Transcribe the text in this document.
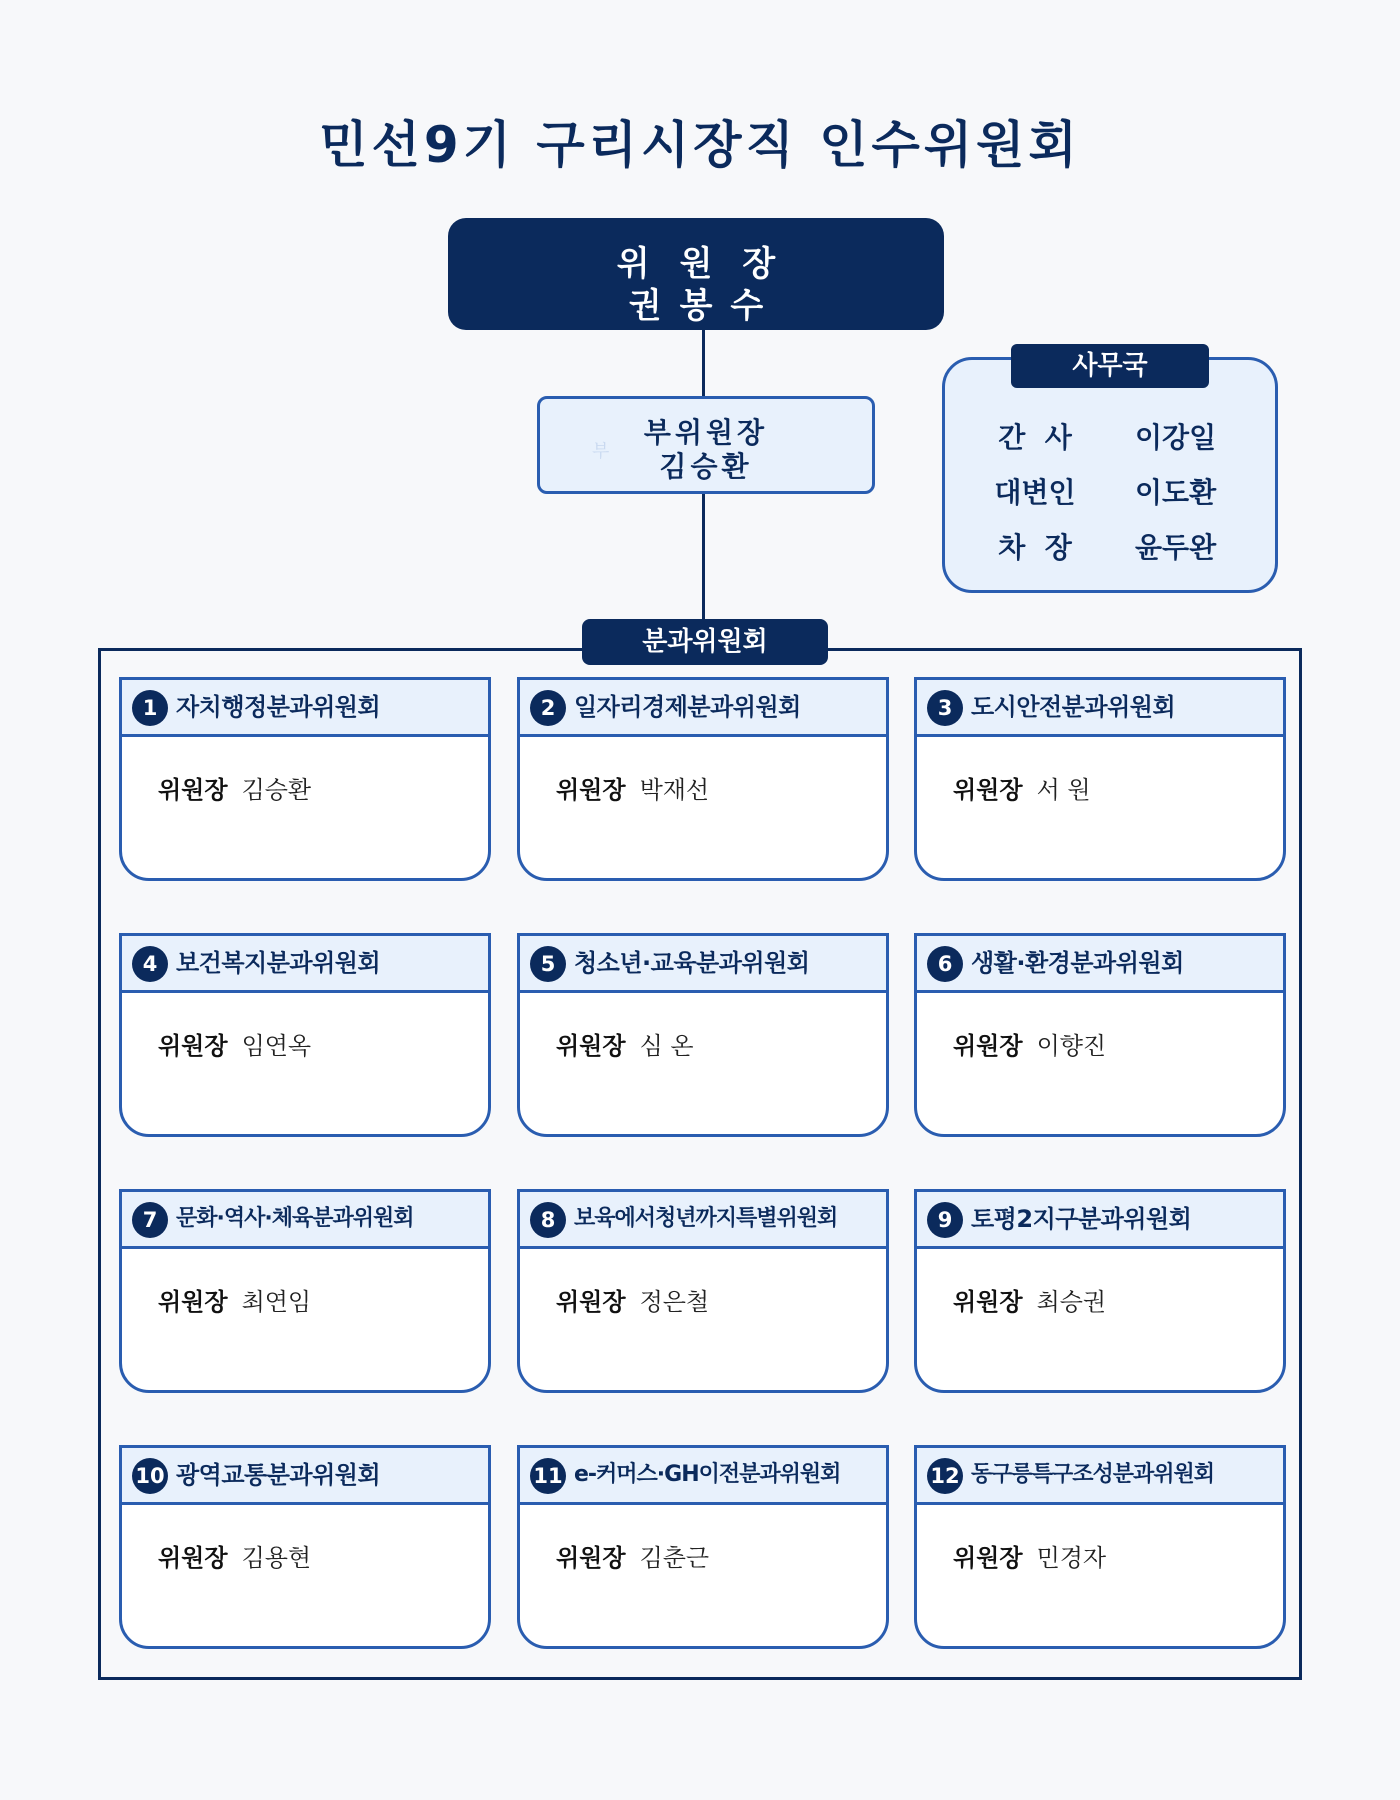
민선9기 구리시장직 인수위원회
위원장
권봉수
부
부위원장
김승환
간  사	이강일
대변인	이도환
차  장	윤두완
사무국
분과위원회
1 자치행정분과위원회
위원장 김승환
2 일자리경제분과위원회
위원장 박재선
3 도시안전분과위원회
위원장 서 원
4 보건복지분과위원회
위원장 임연옥
5 청소년·교육분과위원회
위원장 심 온
6 생활·환경분과위원회
위원장 이향진
7 문화·역사·체육분과위원회
위원장 최연임
8 보육에서청년까지특별위원회
위원장 정은철
9 토평2지구분과위원회
위원장 최승권
10 광역교통분과위원회
위원장 김용현
11 e-커머스·GH이전분과위원회
위원장 김춘근
12 동구릉특구조성분과위원회
위원장 민경자
